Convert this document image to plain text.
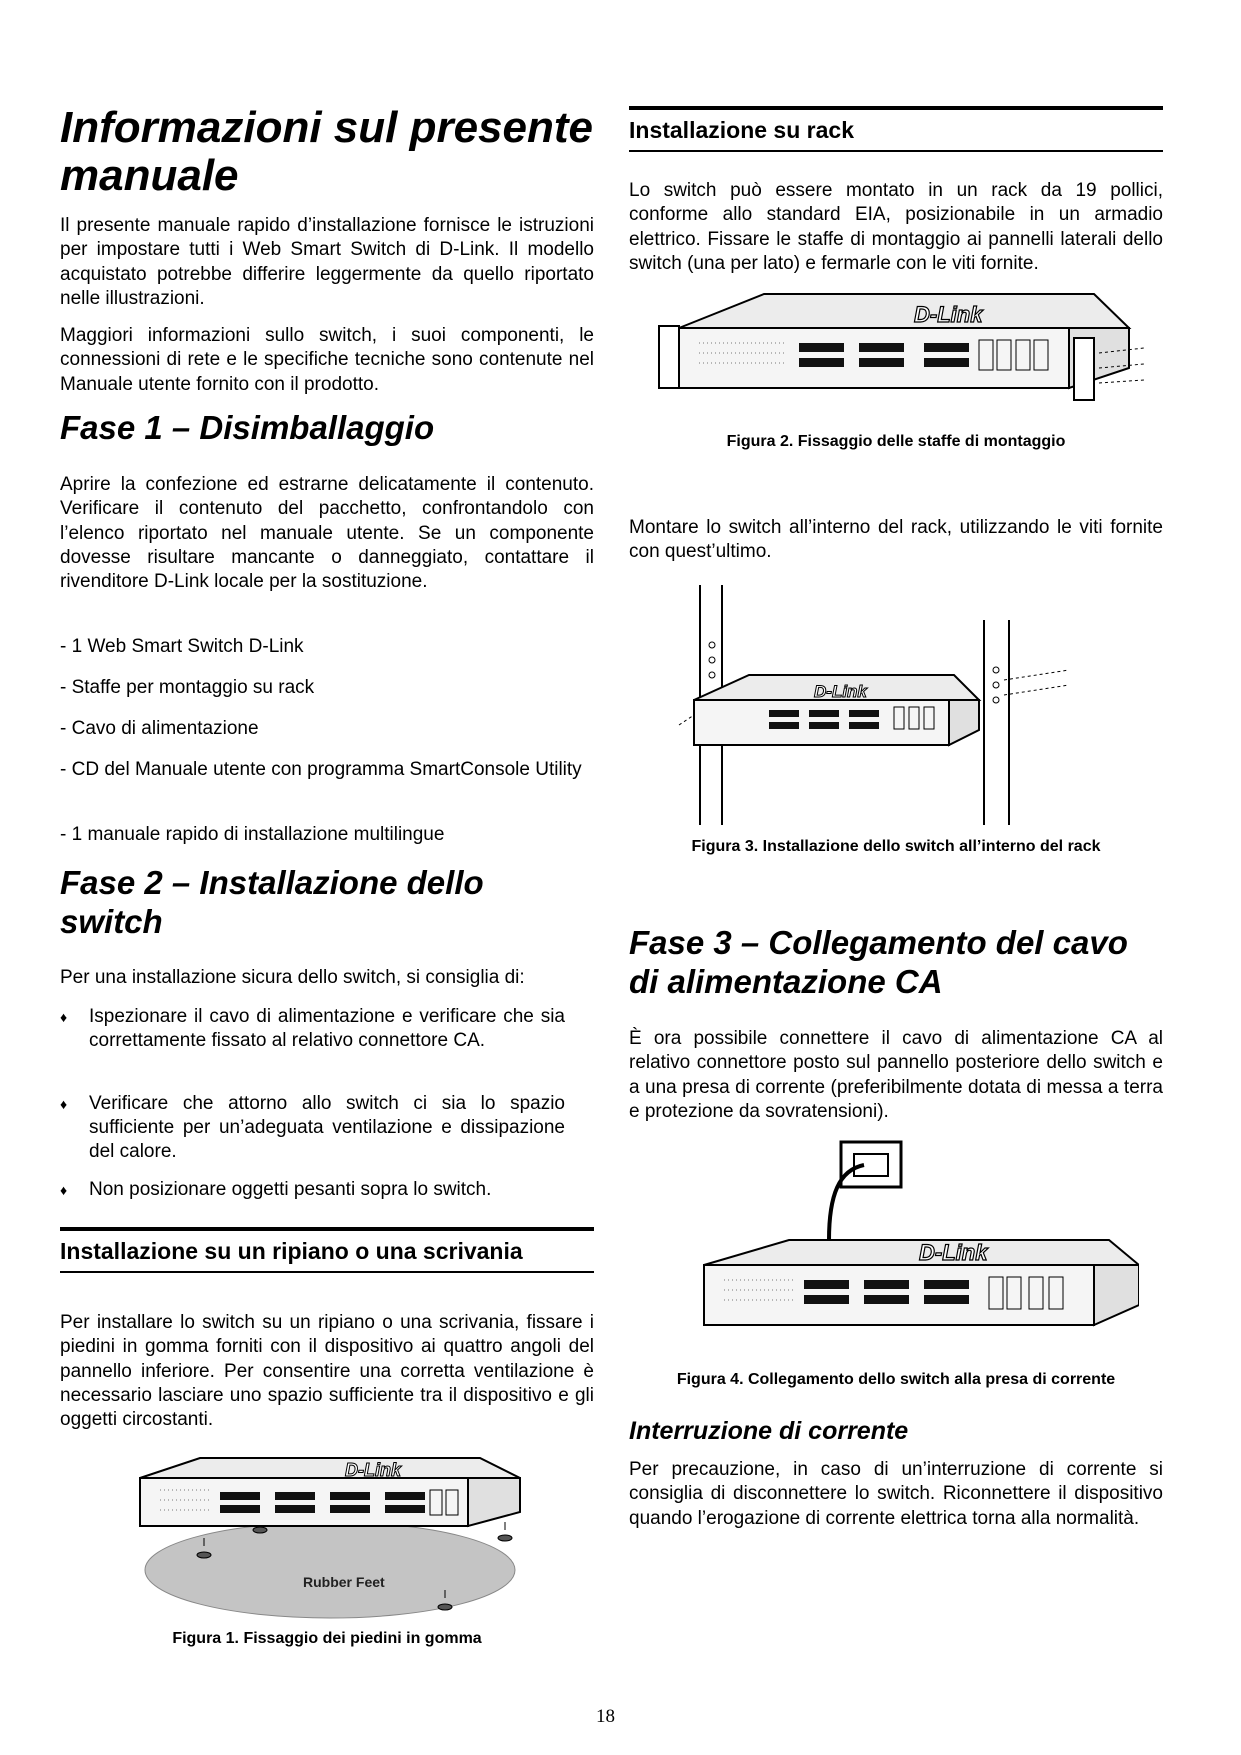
Informazioni sul presente manuale

Il presente manuale rapido d’installazione fornisce le istruzioni per impostare tutti i Web Smart Switch di D-Link. Il modello acquistato potrebbe differire leggermente da quello riportato nelle illustrazioni.

Maggiori informazioni sullo switch, i suoi componenti, le connessioni di rete e le specifiche tecniche sono contenute nel Manuale utente fornito con il prodotto.

Fase 1 – Disimballaggio

Aprire la confezione ed estrarne delicatamente il contenuto. Verificare il contenuto del pacchetto, confrontandolo con l’elenco riportato nel manuale utente. Se un componente dovesse risultare mancante o danneggiato, contattare il rivenditore D-Link locale per la sostituzione.

- 1 Web Smart Switch D-Link
- Staffe per montaggio su rack
- Cavo di alimentazione
- CD del Manuale utente con programma SmartConsole Utility
- 1 manuale rapido di installazione multilingue
Fase 2 – Installazione dello switch

Per una installazione sicura dello switch, si consiglia di:

♦ Ispezionare il cavo di alimentazione e verificare che sia correttamente fissato al relativo connettore CA.
♦ Verificare che attorno allo switch ci sia lo spazio sufficiente per un’adeguata ventilazione e dissipazione del calore.
♦ Non posizionare oggetti pesanti sopra lo switch.
Installazione su un ripiano o una scrivania

Per installare lo switch su un ripiano o una scrivania, fissare i piedini in gomma forniti con il dispositivo ai quattro angoli del pannello inferiore. Per consentire una corretta ventilazione è necessario lasciare uno spazio sufficiente tra il dispositivo e gli oggetti circostanti.

D-Link
Rubber Feet
Figura 1. Fissaggio dei piedini in gomma
Installazione su rack

Lo switch può essere montato in un rack da 19 pollici, conforme allo standard EIA, posizionabile in un armadio elettrico. Fissare le staffe di montaggio ai pannelli laterali dello switch (una per lato) e fermarle con le viti fornite.

D-Link
Figura 2. Fissaggio delle staffe di montaggio

Montare lo switch all’interno del rack, utilizzando le viti fornite con quest’ultimo.

D-Link
Figura 3. Installazione dello switch all’interno del rack
Fase 3 – Collegamento del cavo di alimentazione CA

È ora possibile connettere il cavo di alimentazione CA al relativo connettore posto sul pannello posteriore dello switch e a una presa di corrente (preferibilmente dotata di messa a terra e protezione da sovratensioni).

D-Link
Figura 4. Collegamento dello switch alla presa di corrente
Interruzione di corrente

Per precauzione, in caso di un’interruzione di corrente si consiglia di disconnettere lo switch. Riconnettere il dispositivo quando l’erogazione di corrente elettrica torna alla normalità.

18
